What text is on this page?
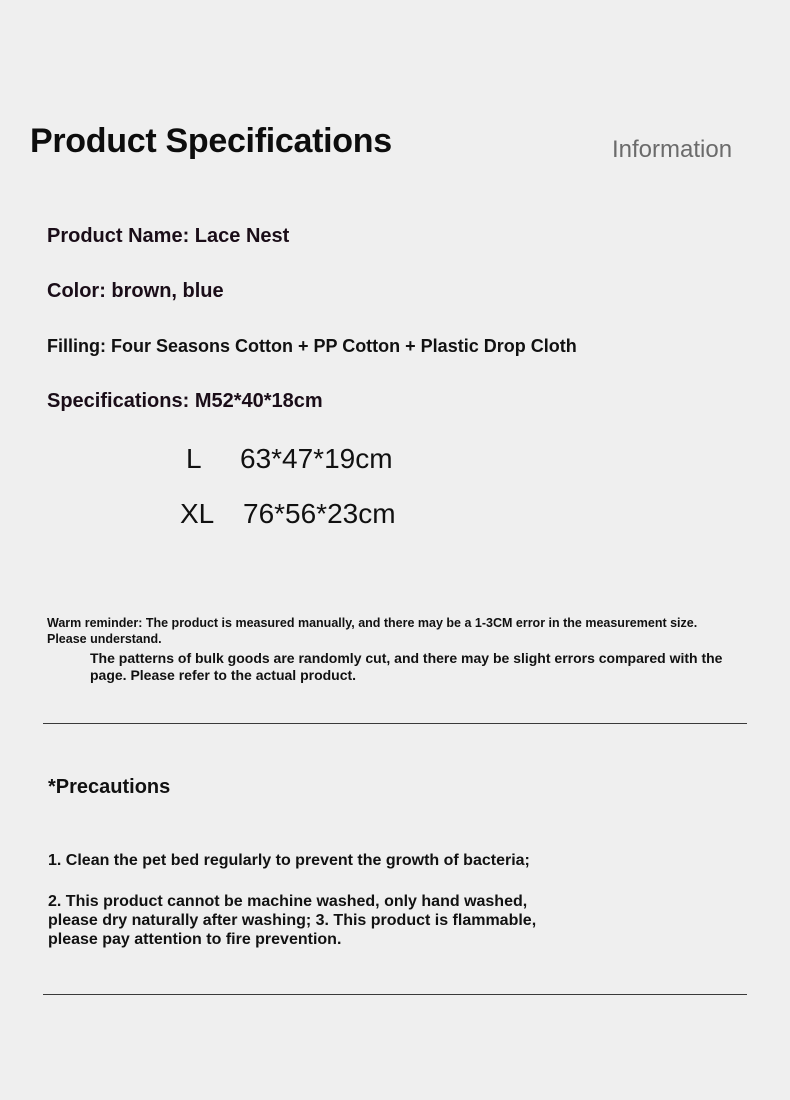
Product Specifications	Information
Product Name: Lace Nest
Color: brown, blue
Filling: Four Seasons Cotton + PP Cotton + Plastic Drop Cloth
Specifications: M52*40*18cm
L 63*47*19cm
XL 76*56*23cm
Warm reminder: The product is measured manually, and there may be a 1-3CM error in the measurement size. Please understand.
The patterns of bulk goods are randomly cut, and there may be slight errors compared with the page. Please refer to the actual product.
*Precautions
1. Clean the pet bed regularly to prevent the growth of bacteria;
2. This product cannot be machine washed, only hand washed, please dry naturally after washing; 3. This product is flammable, please pay attention to fire prevention.
